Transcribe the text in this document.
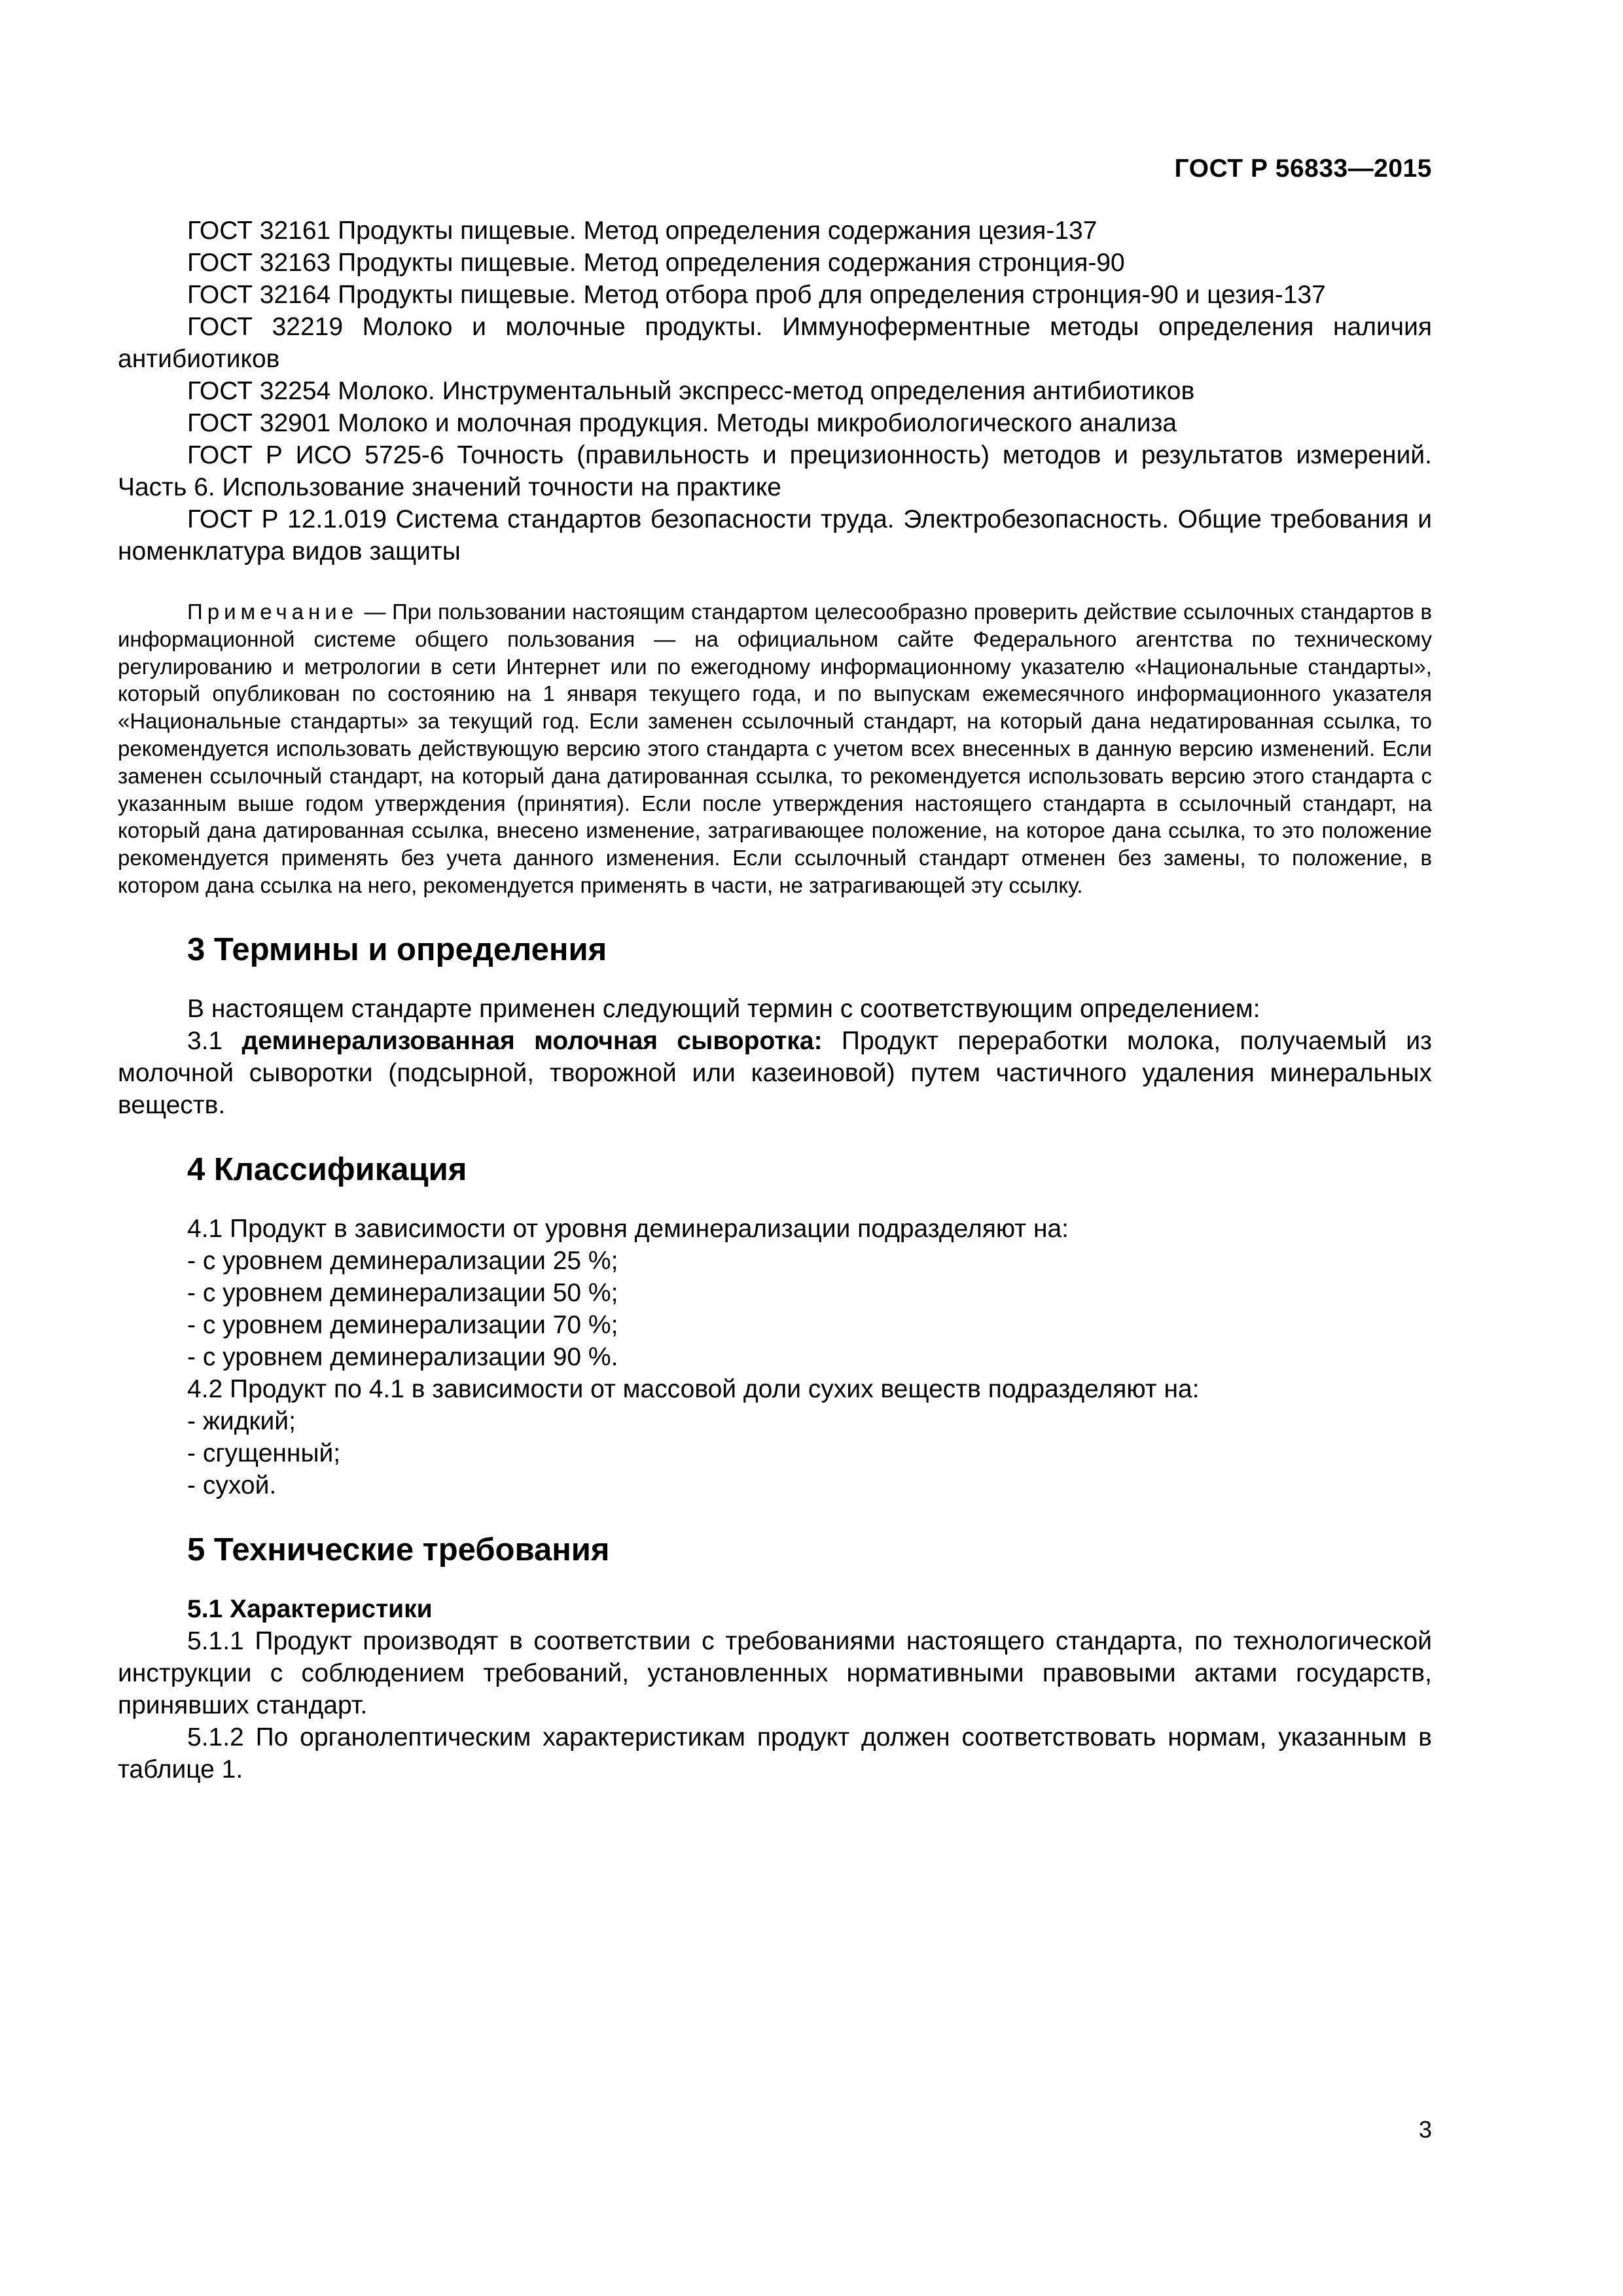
ГОСТ Р 56833—2015

ГОСТ 32161 Продукты пищевые. Метод определения содержания цезия-137

ГОСТ 32163 Продукты пищевые. Метод определения содержания стронция-90

ГОСТ 32164 Продукты пищевые. Метод отбора проб для определения стронция-90 и цезия-137

ГОСТ 32219 Молоко и молочные продукты. Иммуноферментные методы определения наличия антибиотиков

ГОСТ 32254 Молоко. Инструментальный экспресс-метод определения антибиотиков

ГОСТ 32901 Молоко и молочная продукция. Методы микробиологического анализа

ГОСТ Р ИСО 5725-6 Точность (правильность и прецизионность) методов и результатов измерений. Часть 6. Использование значений точности на практике

ГОСТ Р 12.1.019 Система стандартов безопасности труда. Электробезопасность. Общие требования и номенклатура видов защиты

Примечание — При пользовании настоящим стандартом целесообразно проверить действие ссылочных стандартов в информационной системе общего пользования — на официальном сайте Федерального агентства по техническому регулированию и метрологии в сети Интернет или по ежегодному информационному указателю «Национальные стандарты», который опубликован по состоянию на 1 января текущего года, и по выпускам ежемесячного информационного указателя «Национальные стандарты» за текущий год. Если заменен ссылочный стандарт, на который дана недатированная ссылка, то рекомендуется использовать действующую версию этого стандарта с учетом всех внесенных в данную версию изменений. Если заменен ссылочный стандарт, на который дана датированная ссылка, то рекомендуется использовать версию этого стандарта с указанным выше годом утверждения (принятия). Если после утверждения настоящего стандарта в ссылочный стандарт, на который дана датированная ссылка, внесено изменение, затрагивающее положение, на которое дана ссылка, то это положение рекомендуется применять без учета данного изменения. Если ссылочный стандарт отменен без замены, то положение, в котором дана ссылка на него, рекомендуется применять в части, не затрагивающей эту ссылку.

3 Термины и определения

В настоящем стандарте применен следующий термин с соответствующим определением:

3.1 деминерализованная молочная сыворотка: Продукт переработки молока, получаемый из молочной сыворотки (подсырной, творожной или казеиновой) путем частичного удаления минеральных веществ.

4 Классификация

4.1 Продукт в зависимости от уровня деминерализации подразделяют на:

- с уровнем деминерализации 25 %;

- с уровнем деминерализации 50 %;

- с уровнем деминерализации 70 %;

- с уровнем деминерализации 90 %.

4.2 Продукт по 4.1 в зависимости от массовой доли сухих веществ подразделяют на:

- жидкий;

- сгущенный;

- сухой.

5 Технические требования

5.1 Характеристики

5.1.1 Продукт производят в соответствии с требованиями настоящего стандарта, по технологической инструкции с соблюдением требований, установленных нормативными правовыми актами государств, принявших стандарт.

5.1.2 По органолептическим характеристикам продукт должен соответствовать нормам, указанным в таблице 1.

3
